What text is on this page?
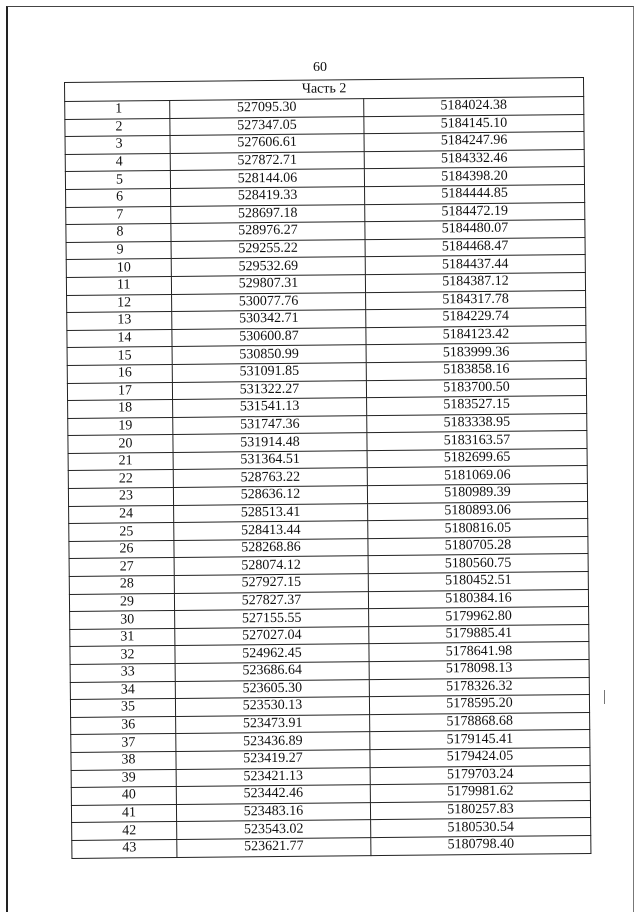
60
Часть 2		
1	527095.30	5184024.38
2	527347.05	5184145.10
3	527606.61	5184247.96
4	527872.71	5184332.46
5	528144.06	5184398.20
6	528419.33	5184444.85
7	528697.18	5184472.19
8	528976.27	5184480.07
9	529255.22	5184468.47
10	529532.69	5184437.44
11	529807.31	5184387.12
12	530077.76	5184317.78
13	530342.71	5184229.74
14	530600.87	5184123.42
15	530850.99	5183999.36
16	531091.85	5183858.16
17	531322.27	5183700.50
18	531541.13	5183527.15
19	531747.36	5183338.95
20	531914.48	5183163.57
21	531364.51	5182699.65
22	528763.22	5181069.06
23	528636.12	5180989.39
24	528513.41	5180893.06
25	528413.44	5180816.05
26	528268.86	5180705.28
27	528074.12	5180560.75
28	527927.15	5180452.51
29	527827.37	5180384.16
30	527155.55	5179962.80
31	527027.04	5179885.41
32	524962.45	5178641.98
33	523686.64	5178098.13
34	523605.30	5178326.32
35	523530.13	5178595.20
36	523473.91	5178868.68
37	523436.89	5179145.41
38	523419.27	5179424.05
39	523421.13	5179703.24
40	523442.46	5179981.62
41	523483.16	5180257.83
42	523543.02	5180530.54
43	523621.77	5180798.40
